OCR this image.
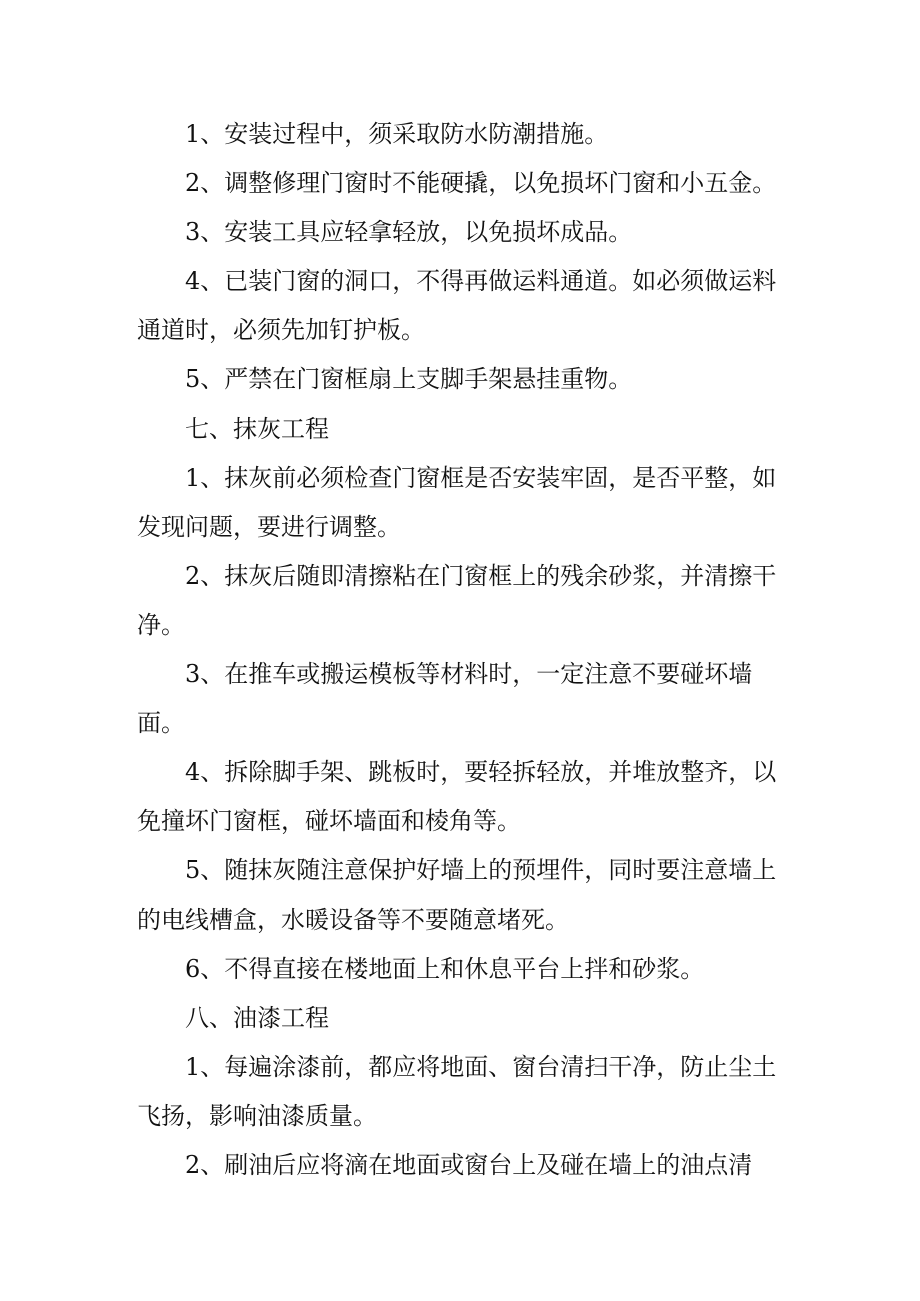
1、安装过程中，须采取防水防潮措施。

2、调整修理门窗时不能硬撬，以免损坏门窗和小五金。

3、安装工具应轻拿轻放，以免损坏成品。

4、已装门窗的洞口，不得再做运料通道。如必须做运料通道时，必须先加钉护板。

5、严禁在门窗框扇上支脚手架悬挂重物。

七、抹灰工程

1、抹灰前必须检查门窗框是否安装牢固，是否平整，如发现问题，要进行调整。

2、抹灰后随即清擦粘在门窗框上的残余砂浆，并清擦干净。

3、在推车或搬运模板等材料时，一定注意不要碰坏墙面。

4、拆除脚手架、跳板时，要轻拆轻放，并堆放整齐，以免撞坏门窗框，碰坏墙面和棱角等。

5、随抹灰随注意保护好墙上的预埋件，同时要注意墙上的电线槽盒，水暖设备等不要随意堵死。

6、不得直接在楼地面上和休息平台上拌和砂浆。

八、油漆工程

1、每遍涂漆前，都应将地面、窗台清扫干净，防止尘土飞扬，影响油漆质量。

2、刷油后应将滴在地面或窗台上及碰在墙上的油点清
